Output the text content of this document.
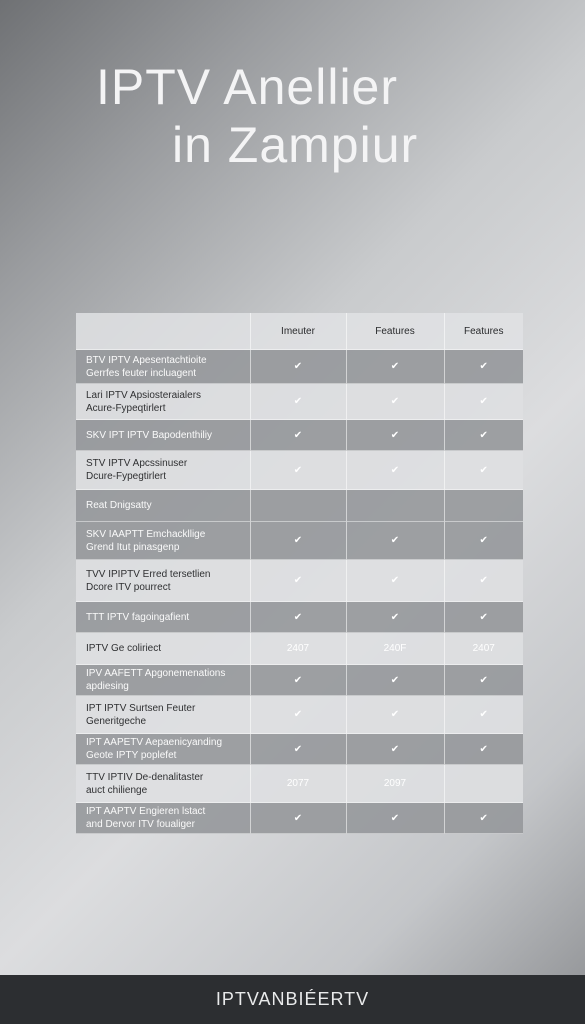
IPTV Anellier
in Zampiur
	Imeuter	Features	Features

BTV IPTV Apesentachtioite
Gerrfes feuter incluagent	✔	✔	✔

Lari IPTV Apsiosteraialers
Acure-Fypeqtirlert	✔	✔	✔

SKV IPT IPTV Bapodenthiliy	✔	✔	✔

STV IPTV Apcssinuser
Dcure-Fypegtirlert	✔	✔	✔

Reat Dnigsatty			

SKV IAAPTT Emchackllige
Grend Itut pinasgenp	✔	✔	✔

TVV IPIPTV Erred tersetlien
Dcore ITV pourrect	✔	✔	✔

TTT IPTV fagoingafient	✔	✔	✔

IPTV Ge coliriect	2407	240F	2407

IPV AAFETT Apgonemenations
apdiesing	✔	✔	✔

IPT IPTV Surtsen Feuter
Generitgeche	✔	✔	✔

IPT AAPETV Aepaenicyanding
Geote IPTY poplefet	✔	✔	✔

TTV IPTIV De-denalitaster
auct chilienge	2077	2097	

IPT AAPTV Engieren lstact
and Dervor ITV foualiger	✔	✔	✔
IPTVANBIÉERTV
